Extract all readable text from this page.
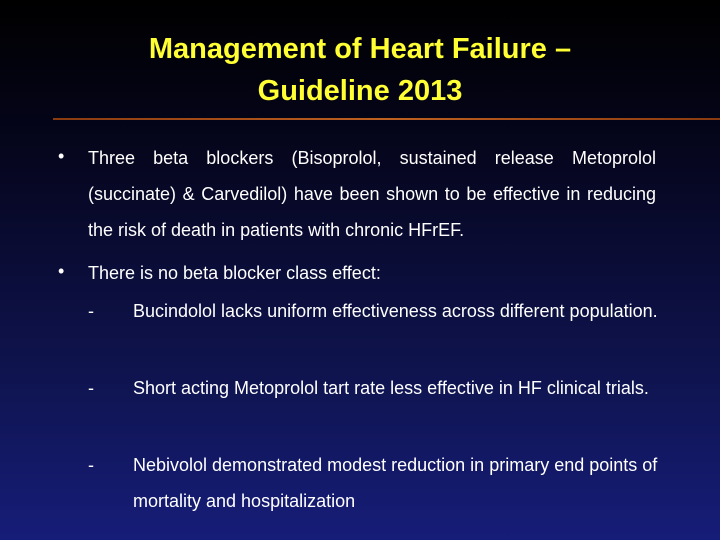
Management of Heart Failure –
Guideline 2013
• Three beta blockers (Bisoprolol, sustained release Metoprolol (succinate) & Carvedilol) have been shown to be effective in reducing the risk of death in patients with chronic HFrEF.
• There is no beta blocker class effect:
- Bucindolol lacks uniform effectiveness across different population.
- Short acting Metoprolol tart rate less effective in HF clinical trials.
- Nebivolol demonstrated modest reduction in primary end points of mortality and hospitalization
